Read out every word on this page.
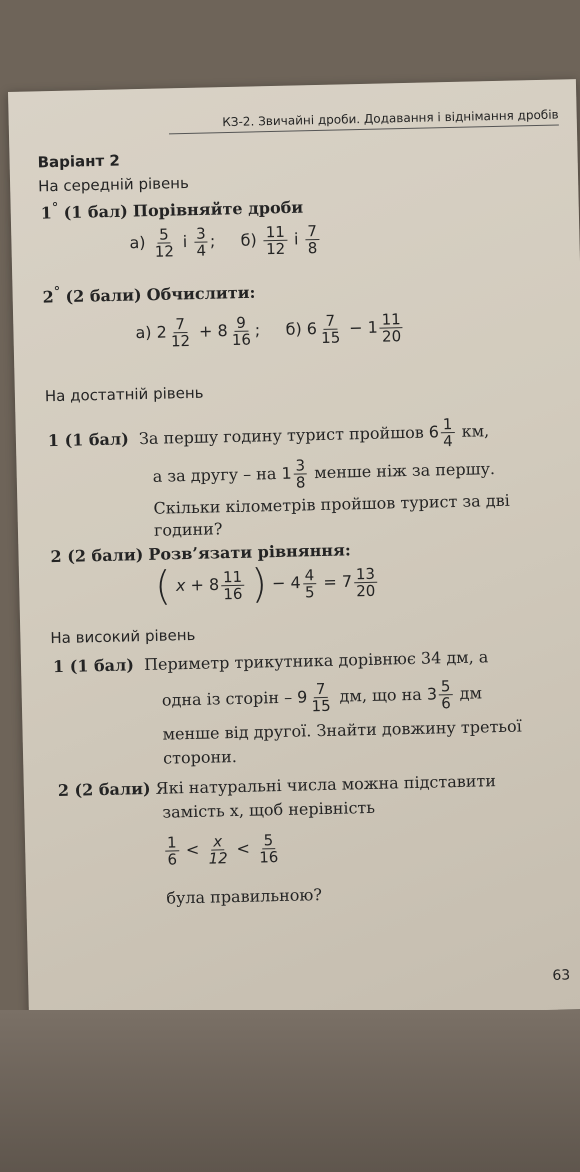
КЗ-2. Звичайні дроби. Додавання і віднімання дробів
Варіант 2
На середній рівень
1° (1 бал) Порівняйте дроби
$а) \frac{5}{12}$ і $\frac{3}{4}$ ; $б) \frac{11}{12}$ і $\frac{7}{8}$
2° (2 бали) Обчислити:
а) $2 \frac{7}{12} + 8 \frac{9}{16}$ ; б) $6 \frac{7}{15} - 1 \frac{11}{20}$
На достатній рівень
1 (1 бал) За першу годину турист пройшов $6 \frac{1}{4}$ км,
а за другу – на $1 \frac{3}{8}$ менше ніж за першу.
Скільки кілометрів пройшов турист за дві
години?
2 (2 бали) Розв’язати рівняння:
( $x + 8 \frac{11}{16}$ ) − $4 \frac{4}{5} = 7 \frac{13}{20}$
На високий рівень
1 (1 бал) Периметр трикутника дорівнює 34 дм, а
одна із сторін – $9 \frac{7}{15}$ дм, що на $3 \frac{5}{6}$ дм
менше від другої. Знайти довжину третьої
сторони.
2 (2 бали) Які натуральні числа можна підставити
замість x, щоб нерівність
$\frac{1}{6} < \frac{x}{12} < \frac{5}{16}$
була правильною?
63
